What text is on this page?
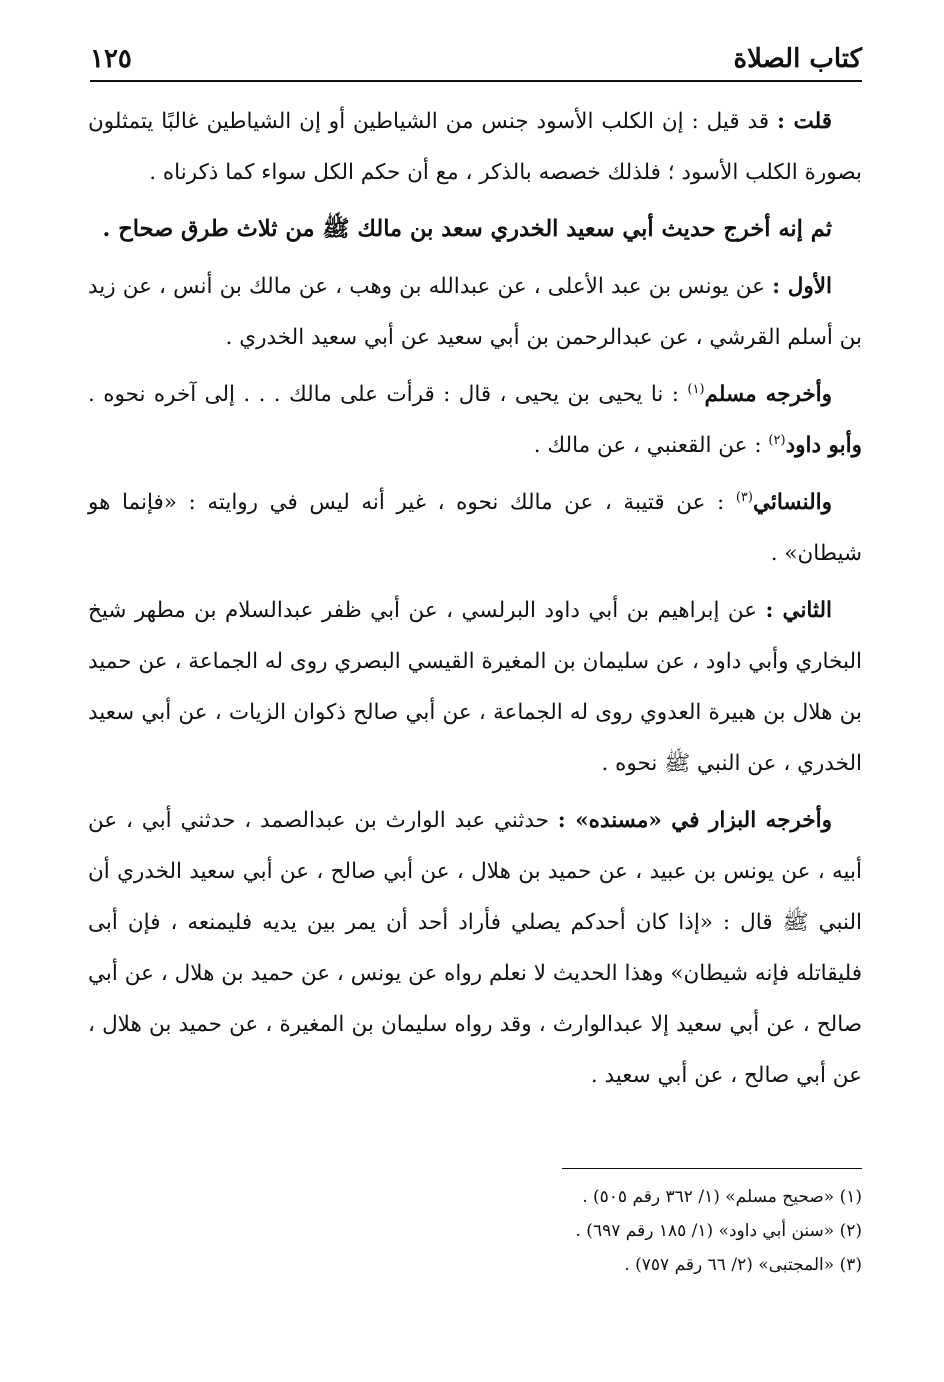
كتاب الصلاة
١٢٥

قلت : قد قيل : إن الكلب الأسود جنس من الشياطين أو إن الشياطين غالبًا يتمثلون بصورة الكلب الأسود ؛ فلذلك خصصه بالذكر ، مع أن حكم الكل سواء كما ذكرناه .

ثم إنه أخرج حديث أبي سعيد الخدري سعد بن مالك ﷺ من ثلاث طرق صحاح .

الأول : عن يونس بن عبد الأعلى ، عن عبدالله بن وهب ، عن مالك بن أنس ، عن زيد بن أسلم القرشي ، عن عبدالرحمن بن أبي سعيد عن أبي سعيد الخدري .

وأخرجه مسلم$^{(١)}$ : نا يحيى بن يحيى ، قال : قرأت على مالك . . . إلى آخره نحوه . وأبو داود$^{(٢)}$ : عن القعنبي ، عن مالك .

والنسائي$^{(٣)}$ : عن قتيبة ، عن مالك نحوه ، غير أنه ليس في روايته : «فإنما هو شيطان» .

الثاني : عن إبراهيم بن أبي داود البرلسي ، عن أبي ظفر عبدالسلام بن مطهر شيخ البخاري وأبي داود ، عن سليمان بن المغيرة القيسي البصري روى له الجماعة ، عن حميد بن هلال بن هبيرة العدوي روى له الجماعة ، عن أبي صالح ذكوان الزيات ، عن أبي سعيد الخدري ، عن النبي ﷺ نحوه .

وأخرجه البزار في «مسنده» : حدثني عبد الوارث بن عبدالصمد ، حدثني أبي ، عن أبيه ، عن يونس بن عبيد ، عن حميد بن هلال ، عن أبي صالح ، عن أبي سعيد الخدري أن النبي ﷺ قال : «إذا كان أحدكم يصلي فأراد أحد أن يمر بين يديه فليمنعه ، فإن أبى فليقاتله فإنه شيطان» وهذا الحديث لا نعلم رواه عن يونس ، عن حميد بن هلال ، عن أبي صالح ، عن أبي سعيد إلا عبدالوارث ، وقد رواه سليمان بن المغيرة ، عن حميد بن هلال ، عن أبي صالح ، عن أبي سعيد .

(١) «صحيح مسلم» (١/ ٣٦٢ رقم ٥٠٥) .
(٢) «سنن أبي داود» (١/ ١٨٥ رقم ٦٩٧) .
(٣) «المجتبى» (٢/ ٦٦ رقم ٧٥٧) .
